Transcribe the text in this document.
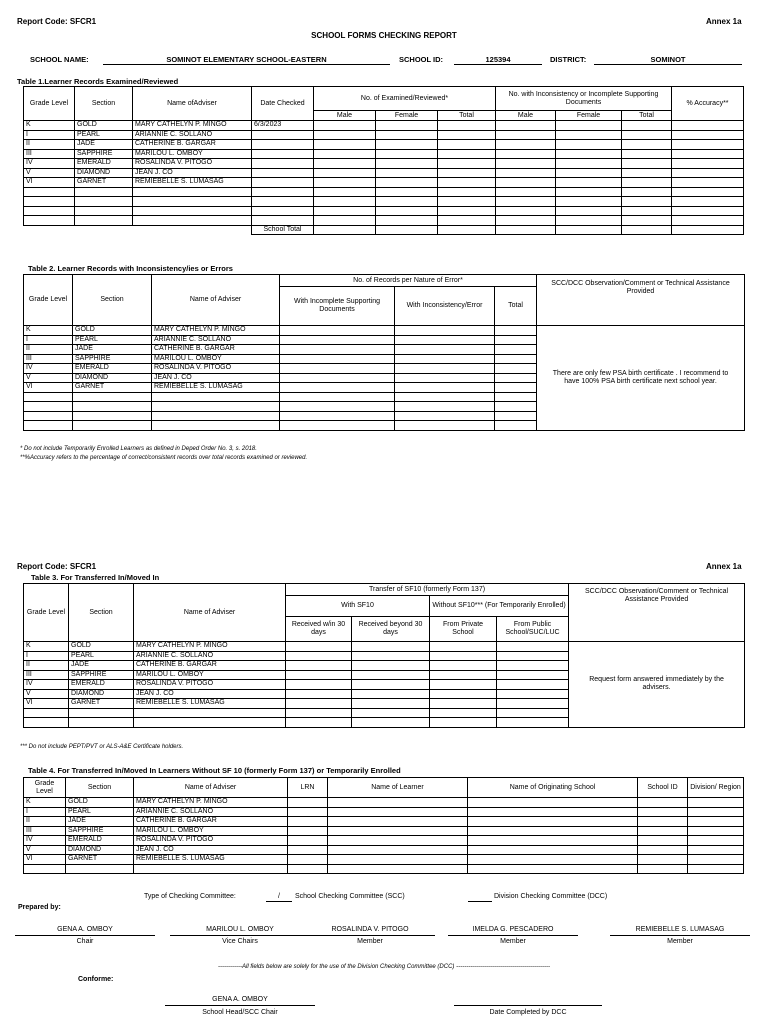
Report Code: SFCR1	Annex 1a
SCHOOL FORMS CHECKING REPORT
SCHOOL NAME:	SOMINOT ELEMENTARY SCHOOL-EASTERN	SCHOOL ID:	125394	DISTRICT:	SOMINOT
Table 1.Learner Records Examined/Reviewed
Grade Level	Section	Name ofAdviser	Date Checked	No. of Examined/Reviewed*			No. with Inconsistency or Incomplete Supporting Documents			% Accuracy**
				Male	Female	Total	Male	Female	Total	
K	GOLD	MARY CATHELYN P. MINGO	6/3/2023							
I	PEARL	ARIANNIE C. SOLLANO								
II	JADE	CATHERINE B. GARGAR								
III	SAPPHIRE	MARILOU L. OMBOY								
IV	EMERALD	ROSALINDA V. PITOGO								
V	DIAMOND	JEAN J. CO								
VI	GARNET	REMIEBELLE S. LUMASAG								

			School Total							
Table 2. Learner Records with Inconsistency/ies or Errors
Grade Level	Section	Name of Adviser	No. of Records per Nature of Error*			SCC/DCC Observation/Comment or Technical Assistance Provided
			With Incomplete Supporting Documents	With Inconsistency/Error	Total	
K	GOLD	MARY CATHELYN P. MINGO				There are only few PSA birth certificate . I recommend to have 100% PSA birth certificate next school year.
I	PEARL	ARIANNIE C. SOLLANO				
II	JADE	CATHERINE B. GARGAR				
III	SAPPHIRE	MARILOU L. OMBOY				
IV	EMERALD	ROSALINDA V. PITOGO				
V	DIAMOND	JEAN J. CO				
VI	GARNET	REMIEBELLE S. LUMASAG				

* Do not include Temporarily Enrolled Learners as defined in Deped Order No. 3, s. 2018.
**%Accuracy refers to the percentage of correct/consistent records over total records examined or reviewed.
Report Code: SFCR1	Annex 1a
Table 3. For Transferred In/Moved In
Grade Level	Section	Name of Adviser	Transfer of SF10 (formerly Form 137)				SCC/DCC Observation/Comment or Technical Assistance Provided
			With SF10		Without SF10*** (For Temporarily Enrolled)		
			Received w/in 30 days	Received beyond 30 days	From Private School	From Public School/SUC/LUC	
K	GOLD	MARY CATHELYN P. MINGO					Request form answered immediately by the advisers.
I	PEARL	ARIANNIE C. SOLLANO					
II	JADE	CATHERINE B. GARGAR					
III	SAPPHIRE	MARILOU L. OMBOY					
IV	EMERALD	ROSALINDA V. PITOGO					
V	DIAMOND	JEAN J. CO					
VI	GARNET	REMIEBELLE S. LUMASAG					

*** Do not include PEPT/PVT or ALS-A&E Certificate holders.
Table 4. For Transferred In/Moved In Learners Without SF 10 (formerly Form 137) or Temporarily Enrolled
Grade Level	Section	Name of Adviser	LRN	Name of Learner	Name of Originating School	School ID	Division/ Region
K	GOLD	MARY CATHELYN P. MINGO					
I	PEARL	ARIANNIE C. SOLLANO					
II	JADE	CATHERINE B. GARGAR					
III	SAPPHIRE	MARILOU L. OMBOY					
IV	EMERALD	ROSALINDA V. PITOGO					
V	DIAMOND	JEAN J. CO					
VI	GARNET	REMIEBELLE S. LUMASAG					

Type of Checking Committee:	/	School Checking Committee (SCC)	Division Checking Committee (DCC)
Prepared by:
GENA A. OMBOY
Chair
MARILOU L. OMBOY
Vice Chairs
ROSALINDA V. PITOGO
Member
IMELDA G. PESCADERO
Member
REMIEBELLE S. LUMASAG
Member
------------All fields below are solely for the use of the Division Checking Committee (DCC) -----------------------------------------------
Conforme:
GENA A. OMBOY
School Head/SCC Chair	Date Completed by DCC
